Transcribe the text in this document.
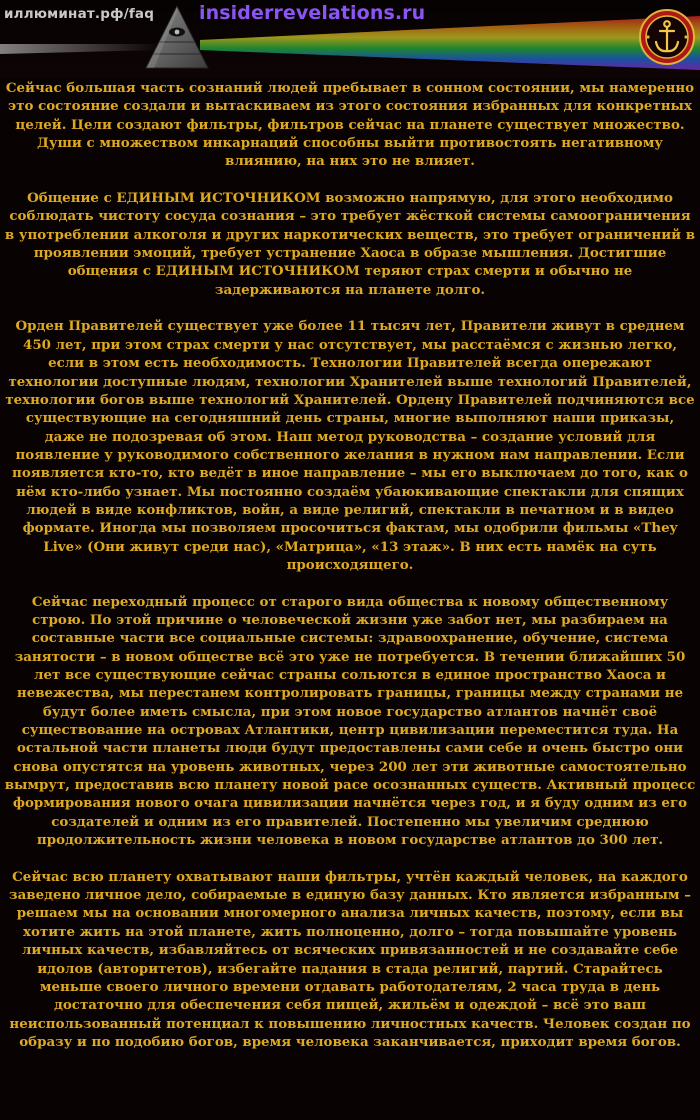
иллюминат.рф/faq insiderrevelations.ru

Сейчас большая часть сознаний людей пребывает в сонном состоянии, мы намеренно это состояние создали и вытаскиваем из этого состояния избранных для конкретных целей. Цели создают фильтры, фильтров сейчас на планете существует множество. Души с множеством инкарнаций способны выйти противостоять негативному влиянию, на них это не влияет.

Общение с ЕДИНЫМ ИСТОЧНИКОМ возможно напрямую, для этого необходимо соблюдать чистоту сосуда сознания – это требует жёсткой системы самоограничения в употреблении алкоголя и других наркотических веществ, это требует ограничений в проявлении эмоций, требует устранение Хаоса в образе мышления. Достигшие общения с ЕДИНЫМ ИСТОЧНИКОМ теряют страх смерти и обычно не задерживаются на планете долго.

Орден Правителей существует уже более 11 тысяч лет, Правители живут в среднем 450 лет, при этом страх смерти у нас отсутствует, мы расстаёмся с жизнью легко, если в этом есть необходимость. Технологии Правителей всегда опережают технологии доступные людям, технологии Хранителей выше технологий Правителей, технологии богов выше технологий Хранителей. Ордену Правителей подчиняются все существующие на сегодняшний день страны, многие выполняют наши приказы, даже не подозревая об этом. Наш метод руководства – создание условий для появление у руководимого собственного желания в нужном нам направлении. Если появляется кто-то, кто ведёт в иное направление – мы его выключаем до того, как о нём кто-либо узнает. Мы постоянно создаём убаюкивающие спектакли для спящих людей в виде конфликтов, войн, а виде религий, спектакли в печатном и в видео формате. Иногда мы позволяем просочиться фактам, мы одобрили фильмы «They Live» (Они живут среди нас), «Матрица», «13 этаж». В них есть намёк на суть происходящего.

Сейчас переходный процесс от старого вида общества к новому общественному строю. По этой причине о человеческой жизни уже забот нет, мы разбираем на составные части все социальные системы: здравоохранение, обучение, система занятости – в новом обществе всё это уже не потребуется. В течении ближайших 50 лет все существующие сейчас страны сольются в единое пространство Хаоса и невежества, мы перестанем контролировать границы, границы между странами не будут более иметь смысла, при этом новое государство атлантов начнёт своё существование на островах Атлантики, центр цивилизации переместится туда. На остальной части планеты люди будут предоставлены сами себе и очень быстро они снова опустятся на уровень животных, через 200 лет эти животные самостоятельно вымрут, предоставив всю планету новой расе осознанных существ. Активный процесс формирования нового очага цивилизации начнётся через год, и я буду одним из его создателей и одним из его правителей. Постепенно мы увеличим среднюю продолжительность жизни человека в новом государстве атлантов до 300 лет.

Сейчас всю планету охватывают наши фильтры, учтён каждый человек, на каждого заведено личное дело, собираемые в единую базу данных. Кто является избранным – решаем мы на основании многомерного анализа личных качеств, поэтому, если вы хотите жить на этой планете, жить полноценно, долго – тогда повышайте уровень личных качеств, избавляйтесь от всяческих привязанностей и не создавайте себе идолов (авторитетов), избегайте падания в стада религий, партий. Старайтесь меньше своего личного времени отдавать работодателям, 2 часа труда в день достаточно для обеспечения себя пищей, жильём и одеждой – всё это ваш неиспользованный потенциал к повышению личностных качеств. Человек создан по образу и по подобию богов, время человека заканчивается, приходит время богов.
